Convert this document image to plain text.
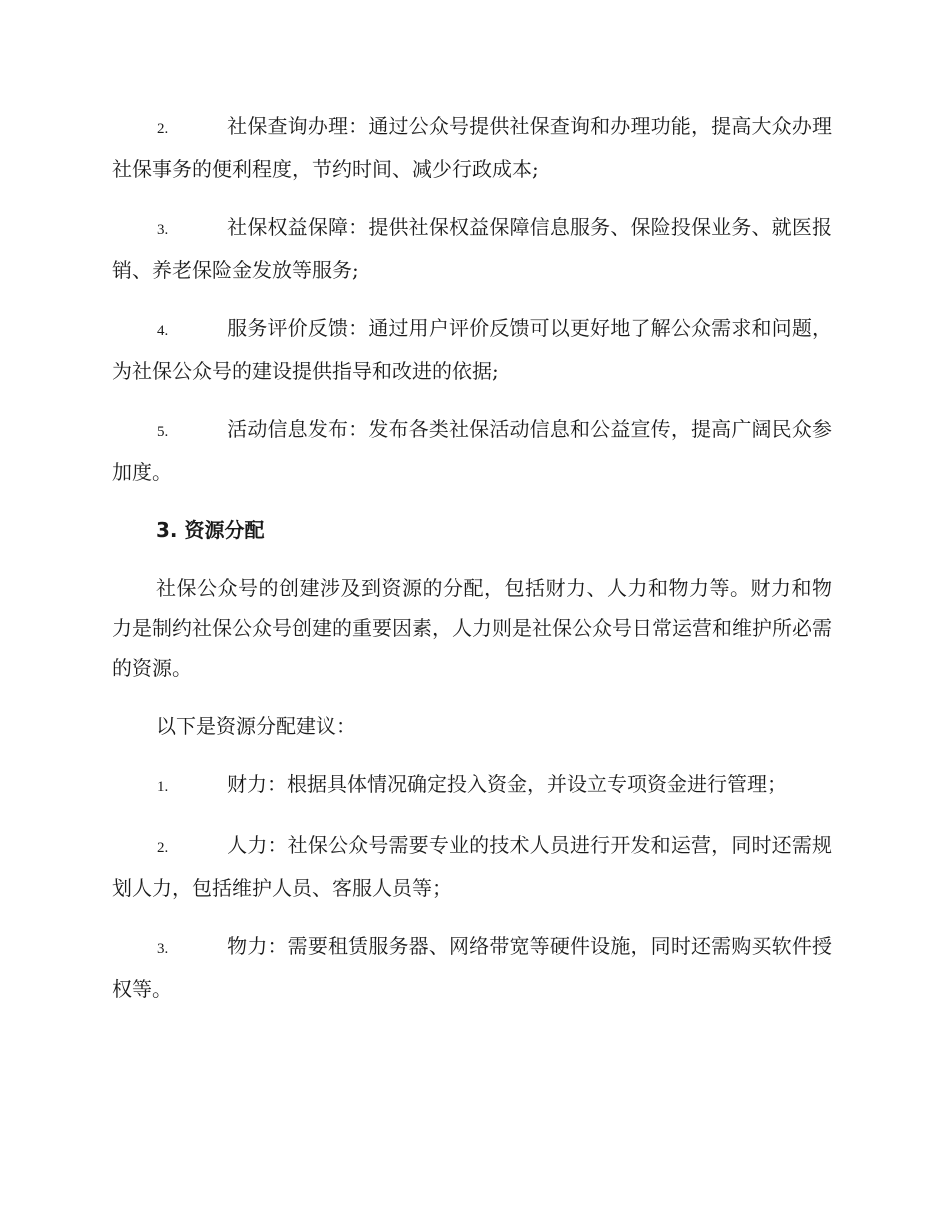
2.	社保查询办理：通过公众号提供社保查询和办理功能，提高大众办理社保事务的便利程度，节约时间、减少行政成本;

3.	社保权益保障：提供社保权益保障信息服务、保险投保业务、就医报销、养老保险金发放等服务;

4.	服务评价反馈：通过用户评价反馈可以更好地了解公众需求和问题，为社保公众号的建设提供指导和改进的依据;

5.	活动信息发布：发布各类社保活动信息和公益宣传，提高广阔民众参加度。

3. 资源分配

社保公众号的创建涉及到资源的分配，包括财力、人力和物力等。财力和物力是制约社保公众号创建的重要因素，人力则是社保公众号日常运营和维护所必需的资源。

以下是资源分配建议：

1.	财力：根据具体情况确定投入资金，并设立专项资金进行管理；

2.	人力：社保公众号需要专业的技术人员进行开发和运营，同时还需规划人力，包括维护人员、客服人员等；

3.	物力：需要租赁服务器、网络带宽等硬件设施，同时还需购买软件授权等。
